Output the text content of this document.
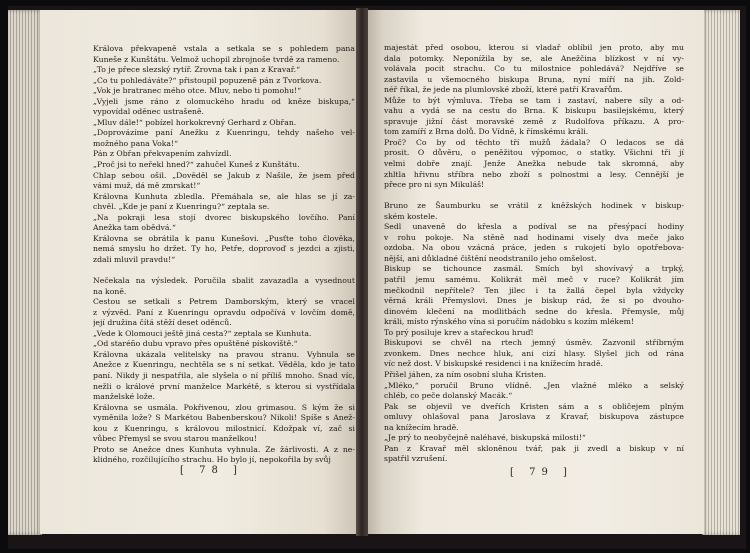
Králova překvapeně vstala a setkala se s pohledem pana

Kuneše z Kunštátu. Velmož uchopil zbrojnoše tvrdě za rameno.

„To je přece slezský rytíř. Zrovna tak i pan z Kravař.“

„Co tu pohledáváte?“ přistoupil popuzeně pán z Tvorkova.

„Vok je bratranec mého otce. Mluv, nebo ti pomohu!“

„Vyjeli jsme ráno z olomuckého hradu od kněze biskupa,“

vypovídal oděnec ustrašeně.

„Mluv dále!“ pobízel horkokrevný Gerhard z Obřan.

„Doprovázíme paní Anežku z Kuenringu, tehdy našeho vel-

možného pana Voka!“

Pán z Obřan překvapením zahvízdl.

„Proč jsi to neřekl hned?“ zahučel Kuneš z Kunštátu.

Chlap sebou ošil. „Dověděl se Jakub z Našile, že jsem před

vámi muž, dá mě zmrskat!“

Královna Kunhuta zbledla. Přemáhala se, ale hlas se jí za-

chvěl. „Kde je paní z Kuenringu?“ zeptala se.

„Na pokraji lesa stojí dvorec biskupského lovčího. Paní

Anežka tam obědvá.“

Královna se obrátila k panu Kunešovi. „Pusťte toho člověka,

nemá smyslu ho držet. Ty ho, Petře, doprovoď s jezdci a zjisti,

zdali mluvil pravdu!“

Nečekala na výsledek. Poručila sbalit zavazadla a vysednout

na koně.

Cestou se setkali s Petrem Damborským, který se vracel

z výzvěd. Paní z Kuenringu opravdu odpočívá v lovčím domě,

její družina čítá stěží deset oděnců.

„Vede k Olomouci ještě jiná cesta?“ zeptala se Kunhuta.

„Od staréño dubu vpravo přes opuštěné pískoviště.“

Královna ukázala velitelsky na pravou stranu. Vyhnula se

Anežce z Kuenringu, nechtěla se s ní setkat. Věděla, kdo je tato

paní. Nikdy ji nespatřila, ale slyšela o ní příliš mnoho. Snad víc,

nežli o králové první manželce Markétě, s kterou si vystřídala

manželské lože.

Královna se usmála. Pokřivenou, zlou grimasou. S kým že si

vyměnila lože? S Markétou Babenberskou? Nikoli! Spíše s Anež-

kou z Kuenringu, s královou milostnicí. Kdožpak ví, zač si

vůbec Přemysl se svou starou manželkou!

Proto se Anežce dnes Kunhuta vyhnula. Ze žárlivosti. A z ne-

klidného, rozčilujícího strachu. Ho bylo jí, nepokořila by svůj

[ 78 ]

majestát před osobou, kterou si vladař oblíbil jen proto, aby mu

dala potomky. Neponížila by se, ale Anežčina blízkost v ní vy-

volávala pocit strachu. Co tu milostnice pohledává? Nejdříve se

zastavila u všemocného biskupa Bruna, nyní míří na jih. Zold-

néř říkal, že jede na plumlovské zboží, které patří Kravařům.

Může to být výmluva. Třeba se tam i zastaví, nabere síly a od-

vahu a vydá se na cestu do Brna. K biskupu basilejskému, který

spravuje jižní část moravské země z Rudolfova příkazu. A pro-

tom zamíří z Brna dolů. Do Vídně, k římskému králi.

Proč? Co by od těchto tří mužů žádala? O ledacos se dá

prosit. O důvěru, o peněžitou výpomoc, o statky. Všichni tři jí

velmi dobře znají. Jenže Anežka nebude tak skromná, aby

zhltla hřivnu stříbra nebo zboží s polnostmi a lesy. Cennější je

přece pro ni syn Mikuláš!

Bruno ze Šaumburku se vrátil z kněžských hodinek v biskup-

ském kostele.

Sedl unaveně do křesla a podíval se na přesýpací hodiny

v rohu pokoje. Na stěně nad hodinami visely dva meče jako

ozdoba. Na obou vzácná práce, jeden s rukojetí bylo opotřebova-

nější, ani důkladné čištění neodstranilo jeho omšelost.

Biskup se tichounce zasmál. Smích byl shovívavý a trpký,

patřil jemu samému. Kolikrát měl meč v ruce? Kolikrát jím

mečkodnil nepřítele? Ten jilec i ta žallá čepel byla vždycky

věrná králi Přemyslovi. Dnes je biskup rád, že si po dvouho-

dinovém klečení na modlitbách sedne do křesla. Přemysle, můj

králi, místo rýnského vína si poručím nádobku s kozím mlékem!

To prý posiluje krev a stařeckou hruď!

Biskupovi se chvěl na rtech jemný úsměv. Zazvonil stříbrným

zvonkem. Dnes nechce hluk, ani cizí hlasy. Slyšel jich od rána

víc než dost. V biskupské residenci i na knížecím hradě.

Přišel jáhen, za ním osobní sluha Kristen.

„Mléko,“ poručil Bruno vlídně. „Jen vlažné mléko a selský

chléb, co peče dolanský Macák.“

Pak se objevil ve dveřích Kristen sám a s obličejem plným

omluvy ohlašoval pana Jaroslava z Kravař, biskupova zástupce

na knížecím hradě.

„Je prý to neobyčejně naléhavé, biskupská milosti!“

Pan z Kravař měl skloněnou tvář, pak ji zvedl a biskup v ní

spatřil vzrušení.

[ 79 ]
